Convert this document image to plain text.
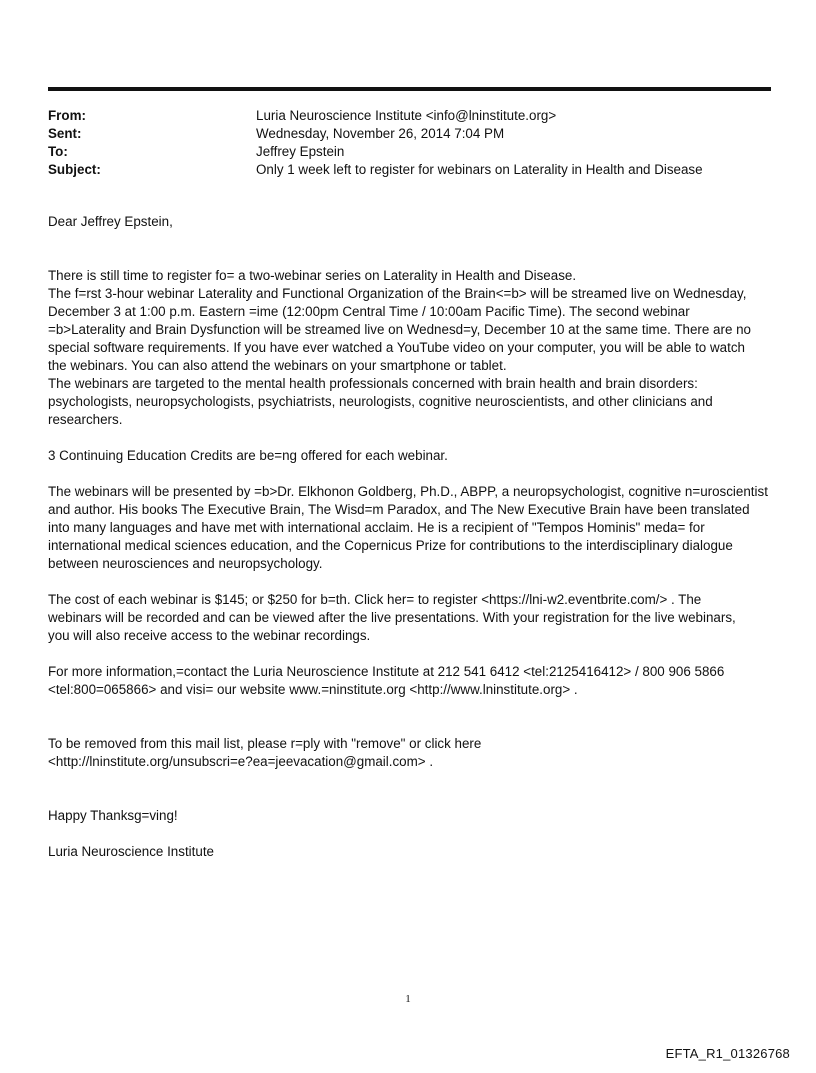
From:	Luria Neuroscience Institute <info@lninstitute.org>
Sent:	Wednesday, November 26, 2014 7:04 PM
To:	Jeffrey Epstein
Subject:	Only 1 week left to register for webinars on Laterality in Health and Disease

Dear Jeffrey Epstein,

There is still time to register fo= a two-webinar series on Laterality in Health and Disease.

The f=rst 3-hour webinar Laterality and Functional Organization of the Brain<=b> will be streamed live on Wednesday,

December 3 at 1:00 p.m. Eastern =ime (12:00pm Central Time / 10:00am Pacific Time). The second webinar

=b>Laterality and Brain Dysfunction will be streamed live on Wednesd=y, December 10 at the same time. There are no

special software requirements. If you have ever watched a YouTube video on your computer, you will be able to watch

the webinars. You can also attend the webinars on your smartphone or tablet.

The webinars are targeted to the mental health professionals concerned with brain health and brain disorders:

psychologists, neuropsychologists, psychiatrists, neurologists, cognitive neuroscientists, and other clinicians and

researchers.

3 Continuing Education Credits are be=ng offered for each webinar.

The webinars will be presented by =b>Dr. Elkhonon Goldberg, Ph.D., ABPP, a neuropsychologist, cognitive n=uroscientist

and author. His books The Executive Brain, The Wisd=m Paradox, and The New Executive Brain have been translated

into many languages and have met with international acclaim. He is a recipient of "Tempos Hominis" meda= for

international medical sciences education, and the Copernicus Prize for contributions to the interdisciplinary dialogue

between neurosciences and neuropsychology.

The cost of each webinar is $145; or $250 for b=th. Click her= to register <https://lni-w2.eventbrite.com/> . The

webinars will be recorded and can be viewed after the live presentations. With your registration for the live webinars,

you will also receive access to the webinar recordings.

For more information,=contact the Luria Neuroscience Institute at 212 541 6412 <tel:2125416412> / 800 906 5866

<tel:800=065866> and visi= our website www.=ninstitute.org <http://www.lninstitute.org> .

To be removed from this mail list, please r=ply with "remove" or click here

<http://lninstitute.org/unsubscri=e?ea=jeevacation@gmail.com> .

Happy Thanksg=ving!

Luria Neuroscience Institute

1
EFTA_R1_01326768
